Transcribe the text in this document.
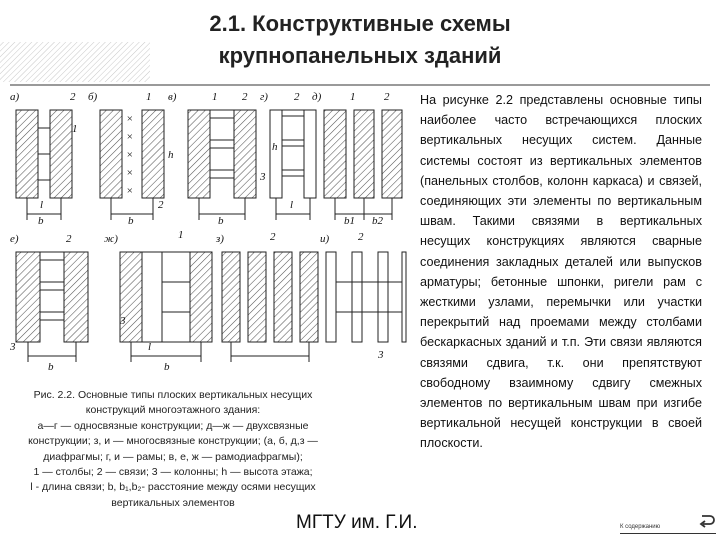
2.1. Конструктивные схемы
крупнопанельных зданий
а)	2
1
b
l
б)
×
×
×
×
×
1
2
b
h
в)	1 2
b
г) 2
3
h
l
д)	1	2
b1 b2
е)	2
3
b
ж)	1
3
l
b
з)	2	и)	2
3
Рис. 2.2. Основные типы плоских вертикальных несущих конструкций многоэтажного здания:
а—г — односвязные конструкции; д—ж — двухсвязные конструкции; з, и — многосвязные конструкции; (а, б, д,з — диафрагмы; г, и — рамы; в, е, ж — рамодиафрагмы);
1 — столбы; 2 — связи; 3 — колонны; h — высота этажа;
l - длина связи; b, b₁,b₂- расстояние между осями несущих вертикальных элементов
На рисунке 2.2 представлены основные типы наиболее часто встречающихся плоских вертикальных несущих систем. Данные системы состоят из вертикальных элементов (панельных столбов, колонн каркаса) и связей, соединяющих эти элементы по вертикальным швам. Такими связями в вертикальных несущих конструкциях являются сварные соединения закладных деталей или выпусков арматуры; бетонные шпонки, ригели рам с жесткими узлами, перемычки или участки перекрытий над проемами между столбами бескаркасных зданий и т.п. Эти связи являются связями сдвига, т.к. они препятствуют свободному взаимному сдвигу смежных элементов по вертикальным швам при изгибе вертикальной несущей конструкции в своей плоскости.
МГТУ им. Г.И.	К содержанию
